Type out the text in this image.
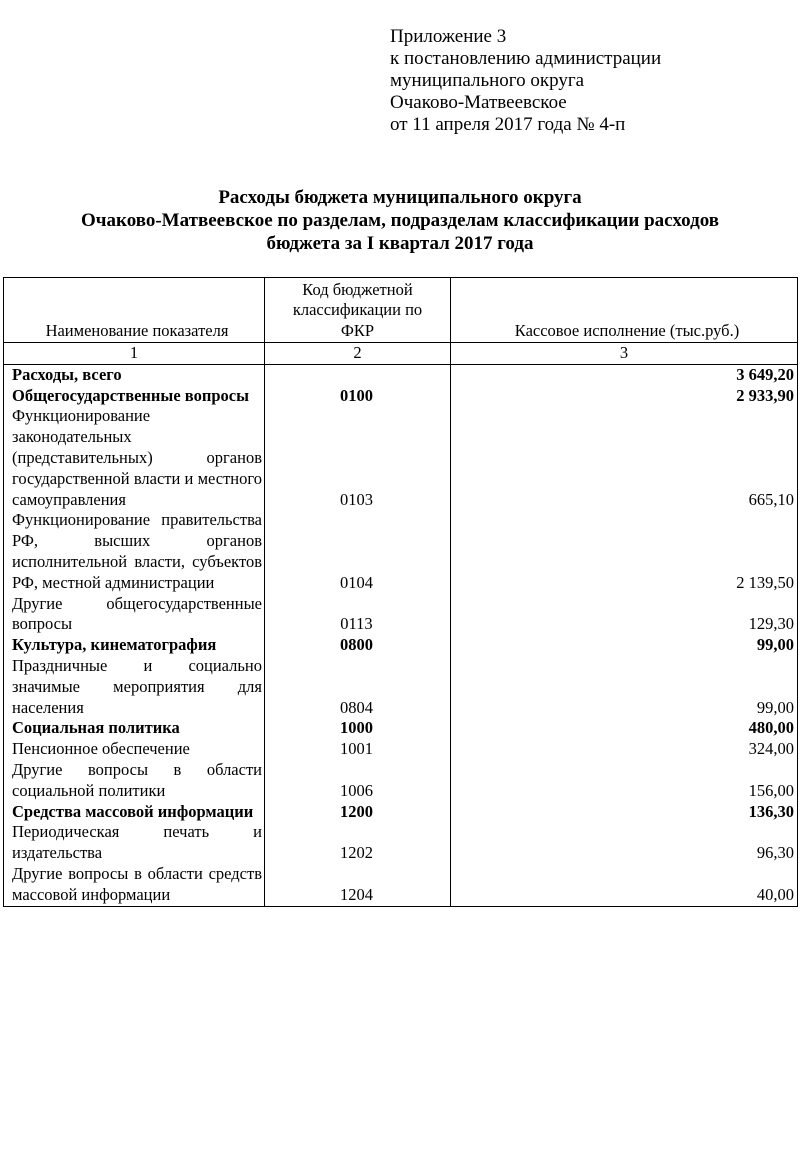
Приложение 3
к постановлению администрации
муниципального округа
Очаково-Матвеевское
от 11 апреля 2017 года № 4-п
Расходы бюджета муниципального округа
Очаково-Матвеевское по разделам, подразделам классификации расходов
бюджета за I квартал 2017 года
Наименование показателя	Код бюджетной классификации по ФКР	Кассовое исполнение (тыс.руб.)
1	2	3
Расходы, всего		3 649,20
Общегосударственные вопросы	0100	2 933,90
Функционирование законодательных (представительных) органов государственной власти и местного самоуправления	0103	665,10
Функционирование правительства РФ, высших органов исполнительной власти, субъектов РФ, местной администрации	0104	2 139,50
Другие общегосударственные вопросы	0113	129,30
Культура, кинематография	0800	99,00
Праздничные и социально значимые мероприятия для населения	0804	99,00
Социальная политика	1000	480,00
Пенсионное обеспечение	1001	324,00
Другие вопросы в области социальной политики	1006	156,00
Средства массовой информации	1200	136,30
Периодическая печать и издательства	1202	96,30
Другие вопросы в области средств массовой информации	1204	40,00
